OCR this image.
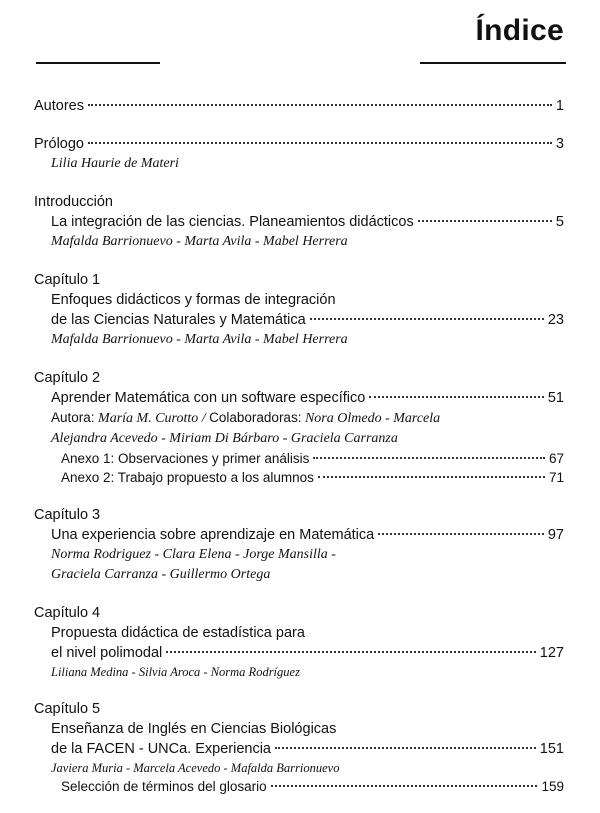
Índice
Autores	1
Prólogo	3
Lilia Haurie de Materi
Introducción
La integración de las ciencias. Planeamientos didácticos	5
Mafalda Barrionuevo - Marta Avila - Mabel Herrera
Capítulo 1
Enfoques didácticos y formas de integración
de las Ciencias Naturales y Matemática	23
Mafalda Barrionuevo - Marta Avila - Mabel Herrera
Capítulo 2
Aprender Matemática con un software específico	51
Autora: María M. Curotto / Colaboradoras: Nora Olmedo - Marcela
Alejandra Acevedo - Miriam Di Bárbaro - Graciela Carranza
Anexo 1: Observaciones y primer análisis	67
Anexo 2: Trabajo propuesto a los alumnos	71
Capítulo 3
Una experiencia sobre aprendizaje en Matemática	97
Norma Rodriguez - Clara Elena - Jorge Mansilla -
Graciela Carranza - Guillermo Ortega
Capítulo 4
Propuesta didáctica de estadística para
el nivel polimodal	127
Liliana Medina - Silvia Aroca - Norma Rodríguez
Capítulo 5
Enseñanza de Inglés en Ciencias Biológicas
de la FACEN - UNCa. Experiencia	151
Javiera Muria - Marcela Acevedo - Mafalda Barrionuevo
Selección de términos del glosario	159
